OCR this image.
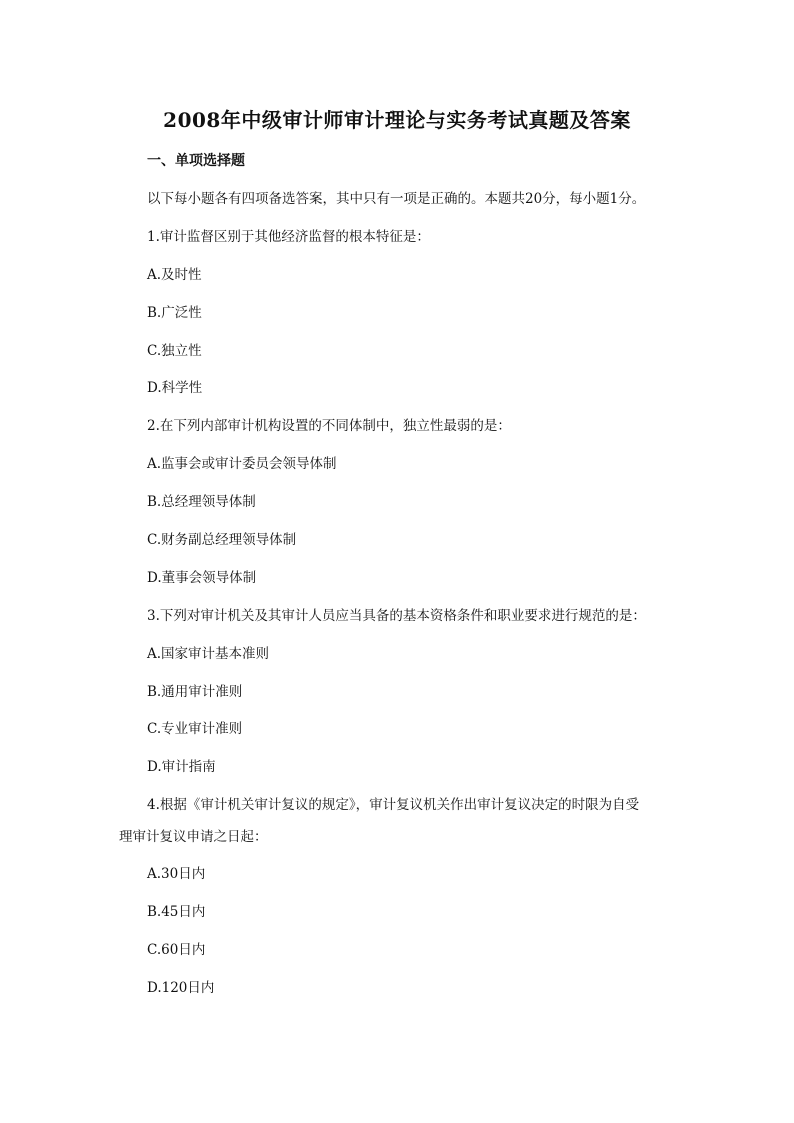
2008年中级审计师审计理论与实务考试真题及答案
一、单项选择题
以下每小题各有四项备选答案，其中只有一项是正确的。本题共20分，每小题1分。
1.审计监督区别于其他经济监督的根本特征是：
A.及时性
B.广泛性
C.独立性
D.科学性
2.在下列内部审计机构设置的不同体制中，独立性最弱的是：
A.监事会或审计委员会领导体制
B.总经理领导体制
C.财务副总经理领导体制
D.董事会领导体制
3.下列对审计机关及其审计人员应当具备的基本资格条件和职业要求进行规范的是：
A.国家审计基本准则
B.通用审计准则
C.专业审计准则
D.审计指南
4.根据《审计机关审计复议的规定》，审计复议机关作出审计复议决定的时限为自受
理审计复议申请之日起：
A.30日内
B.45日内
C.60日内
D.120日内
